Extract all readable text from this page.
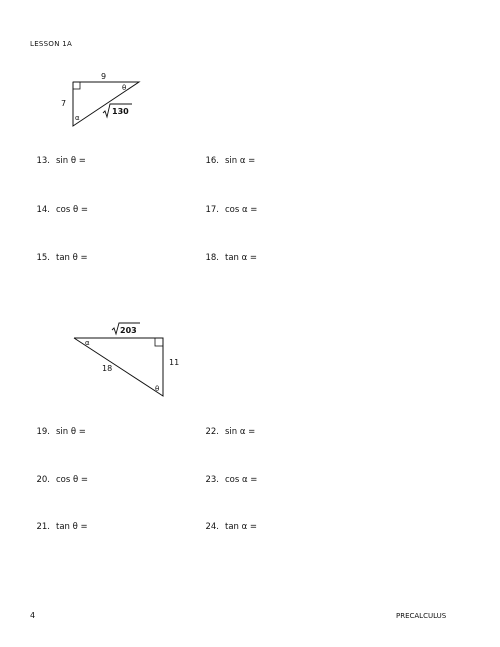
LESSON 1A
9
7
130
θ
α
13. sin θ =
14. cos θ =
15. tan θ =
16. sin α =
17. cos α =
18. tan α =
203
11
18
α
θ
19. sin θ =
20. cos θ =
21. tan θ =
22. sin α =
23. cos α =
24. tan α =
4	PRECALCULUS
